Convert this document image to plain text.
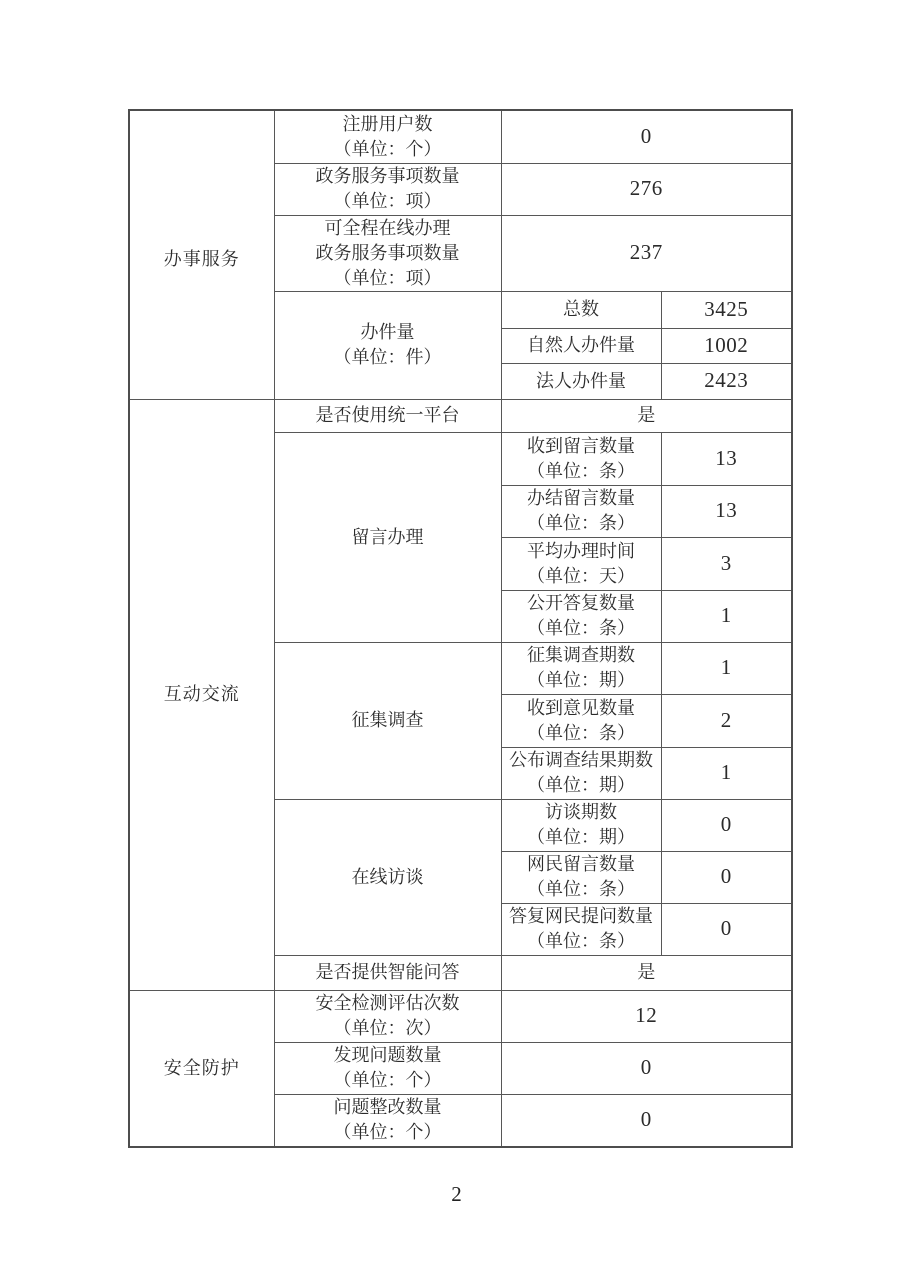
办事服务	注册用户数
（单位：个）	0	

	政务服务事项数量
（单位：项）	276	

	可全程在线办理
政务服务事项数量
（单位：项）	237	

	办件量
（单位：件）	总数	3425
		自然人办件量	1002
		法人办件量	2423

互动交流	是否使用统一平台	是	
	留言办理	收到留言数量
（单位：条）	13

		办结留言数量
（单位：条）	13

		平均办理时间
（单位：天）	3

		公开答复数量
（单位：条）	1
	征集调查	征集调查期数
（单位：期）	1

		收到意见数量
（单位：条）	2

		公布调查结果期数
（单位：期）	1
	在线访谈	访谈期数
（单位：期）	0

		网民留言数量
（单位：条）	0

		答复网民提问数量
（单位：条）	0
	是否提供智能问答	是	

安全防护	安全检测评估次数
（单位：次）	12	

	发现问题数量
（单位：个）	0	

	问题整改数量
（单位：个）	0	
2
